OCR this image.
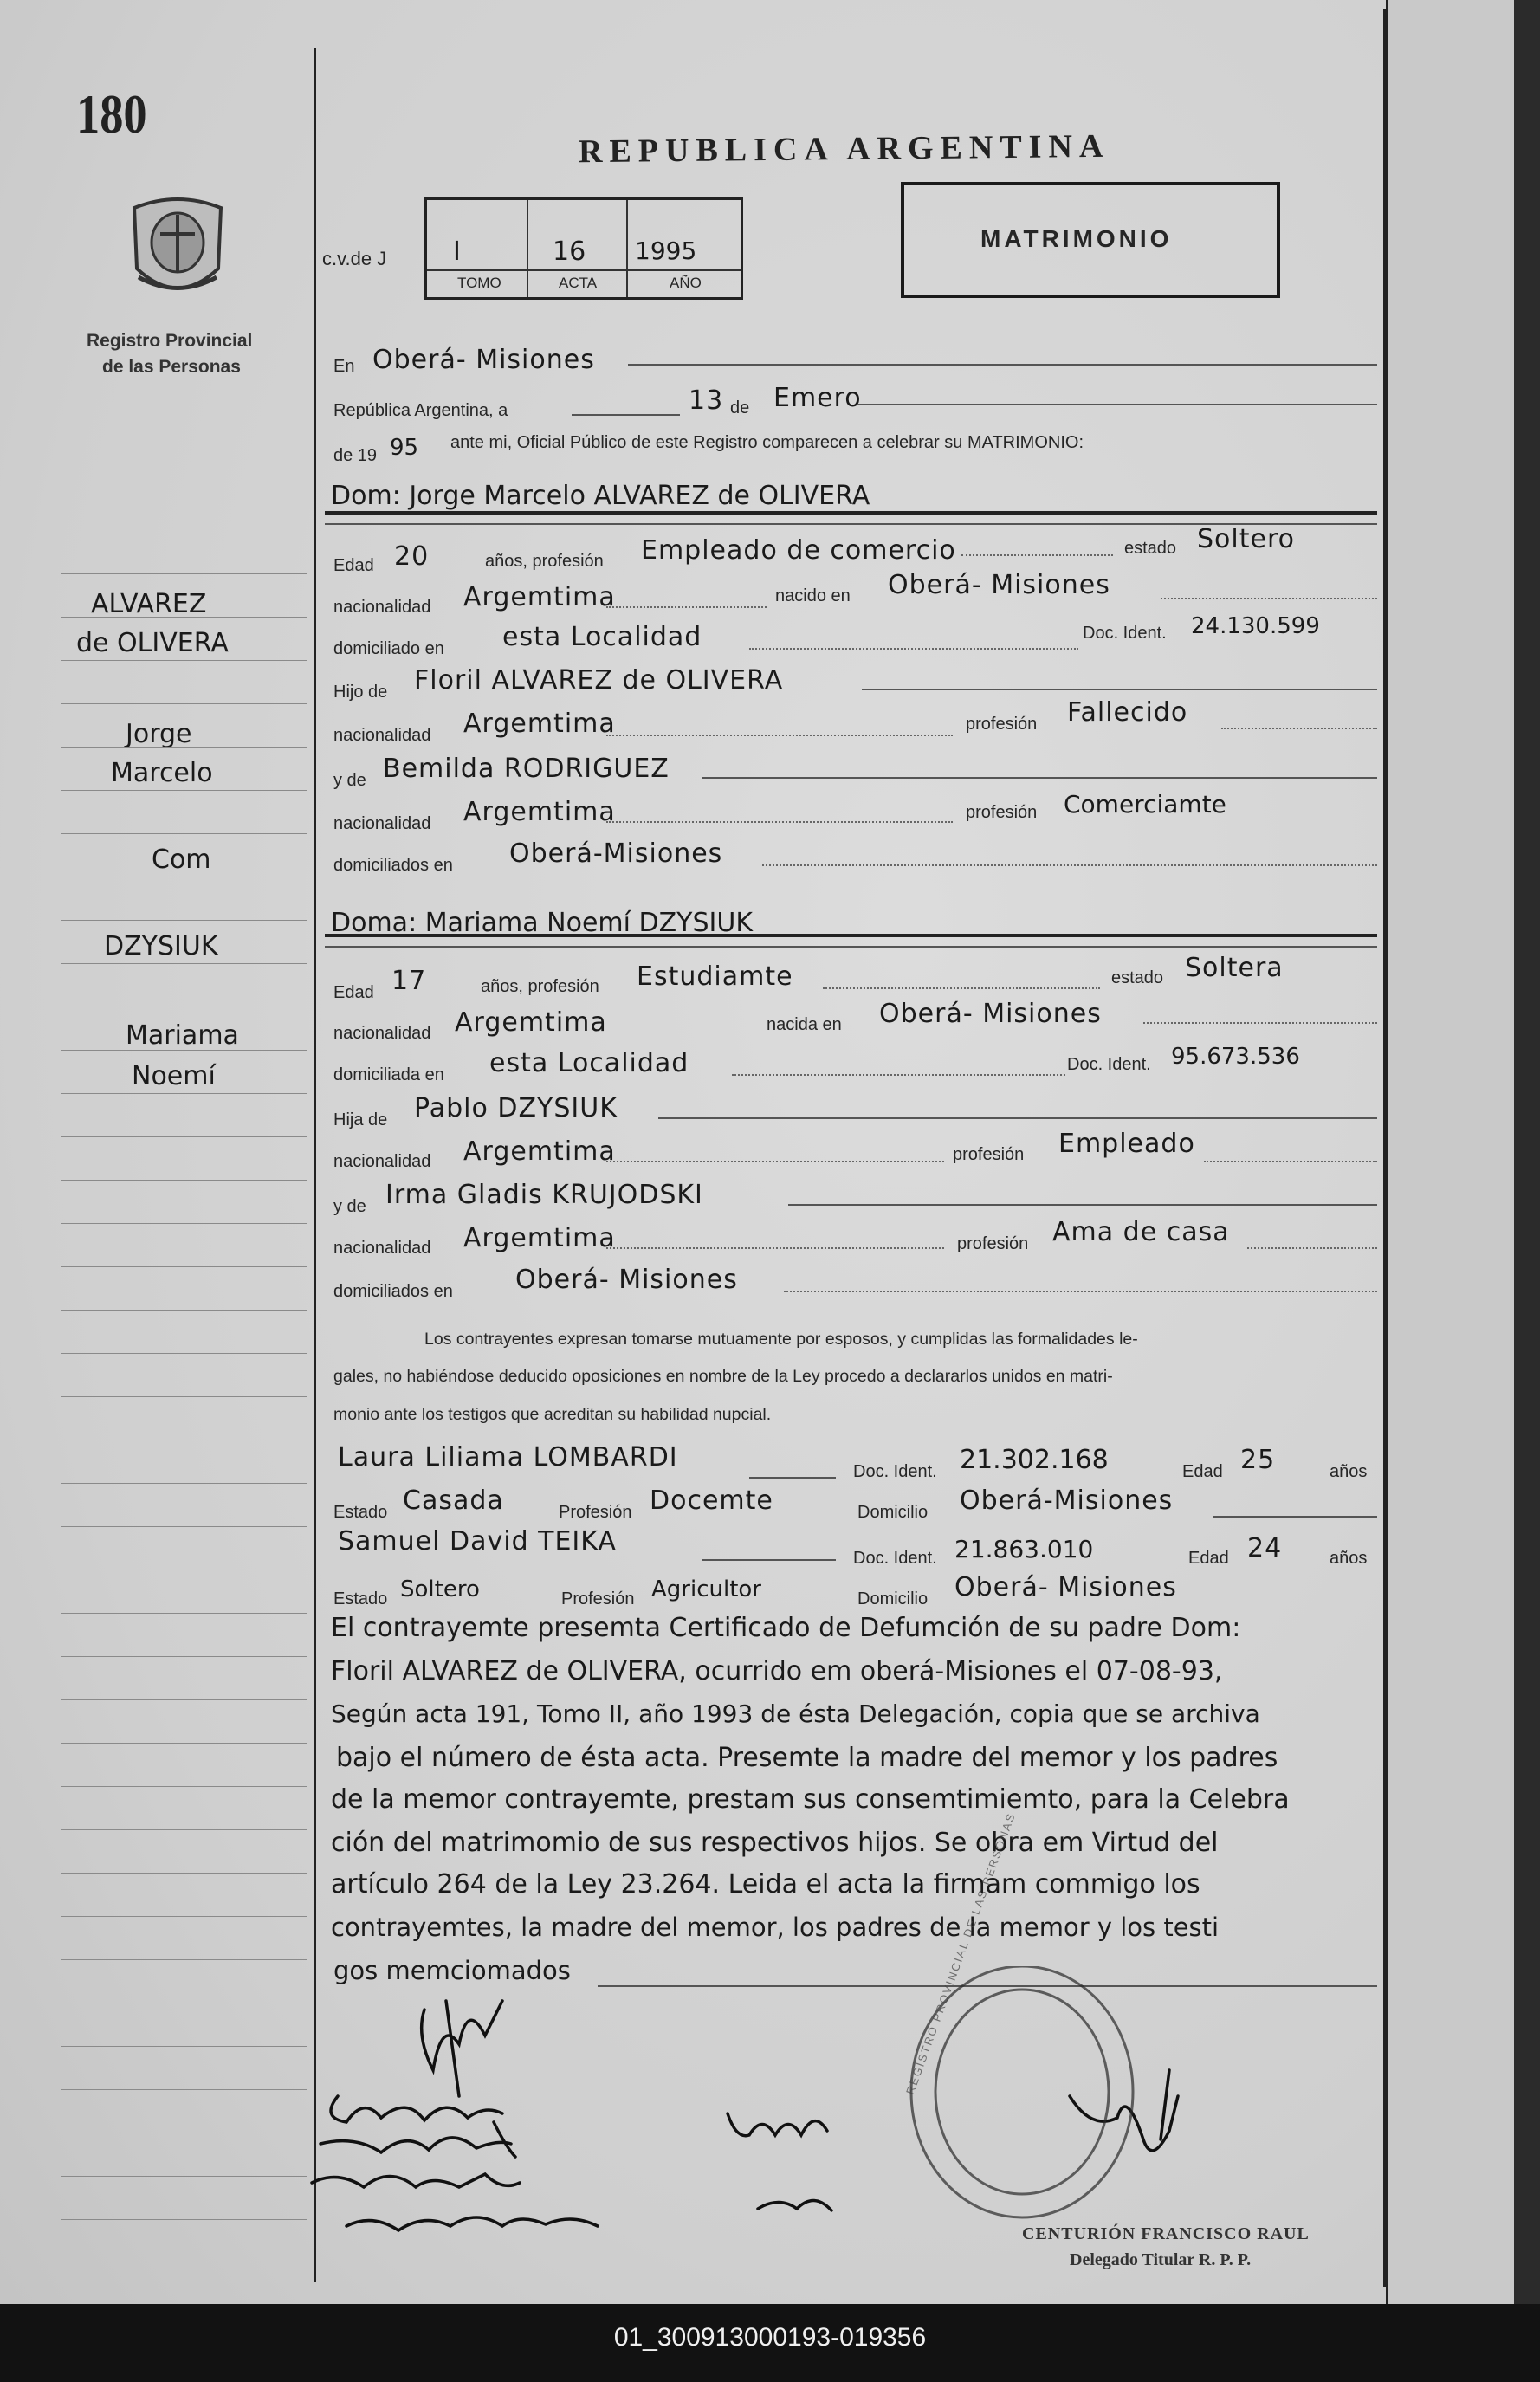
180
Registro Provincial
de las Personas
REPUBLICA ARGENTINA
c.v.de J	I	16 1995
TOMO	ACTA	AÑO
MATRIMONIO
En Oberá- Misiones
República Argentina, a	13 de Emero
de 19 95 ante mi, Oficial Público de este Registro comparecen a celebrar su MATRIMONIO:
ALVAREZ
de OLIVERA
Jorge
Marcelo
Com
DZYSIUK
Mariama
Noemí
Dom: Jorge Marcelo ALVAREZ de OLIVERA
Edad 20	años, profesión Empleado de comercio	estado Soltero
nacionalidad Argemtima	nacido en Oberá- Misiones
domiciliado en esta Localidad	Doc. Ident. 24.130.599
Hijo de Floril ALVAREZ de OLIVERA
nacionalidad Argemtima	profesión Fallecido
y de Bemilda RODRIGUEZ
nacionalidad Argemtima	profesión Comerciamte
domiciliados en Oberá-Misiones
Doma: Mariama Noemí DZYSIUK
Edad 17	años, profesión Estudiamte	estado Soltera
nacionalidad Argemtima	nacida en Oberá- Misiones
domiciliada en esta Localidad	Doc. Ident. 95.673.536
Hija de Pablo DZYSIUK
nacionalidad Argemtima	profesión Empleado
y de Irma Gladis KRUJODSKI
nacionalidad Argemtima	profesión Ama de casa
domiciliados en Oberá- Misiones
Los contrayentes expresan tomarse mutuamente por esposos, y cumplidas las formalidades le-
gales, no habiéndose deducido oposiciones en nombre de la Ley procedo a declararlos unidos en matri-
monio ante los testigos que acreditan su habilidad nupcial.
Laura Liliama LOMBARDI	Doc. Ident. 21.302.168	Edad 25	años
Estado Casada	Profesión Docemte	Domicilio Oberá-Misiones
Samuel David TEIKA
Doc. Ident. 21.863.010	Edad 24	años
Estado Soltero	Profesión Agricultor	Domicilio Oberá- Misiones
El contrayemte presemta Certificado de Defumción de su padre Dom:
Floril ALVAREZ de OLIVERA, ocurrido em oberá-Misiones el 07-08-93,
Según acta 191, Tomo II, año 1993 de ésta Delegación, copia que se archiva
bajo el número de ésta acta. Presemte la madre del memor y los padres
de la memor contrayemte, prestam sus consemtimiemto, para la Celebra
ción del matrimomio de sus respectivos hijos. Se obra em Virtud del
artículo 264 de la Ley 23.264. Leida el acta la firmam commigo los
contrayemtes, la madre del memor, los padres de la memor y los testi
gos memciomados	REGISTRO PROVINCIAL DE LAS PERSONAS
CENTURIÓN FRANCISCO RAUL
Delegado Titular R. P. P.
01_300913000193-019356
